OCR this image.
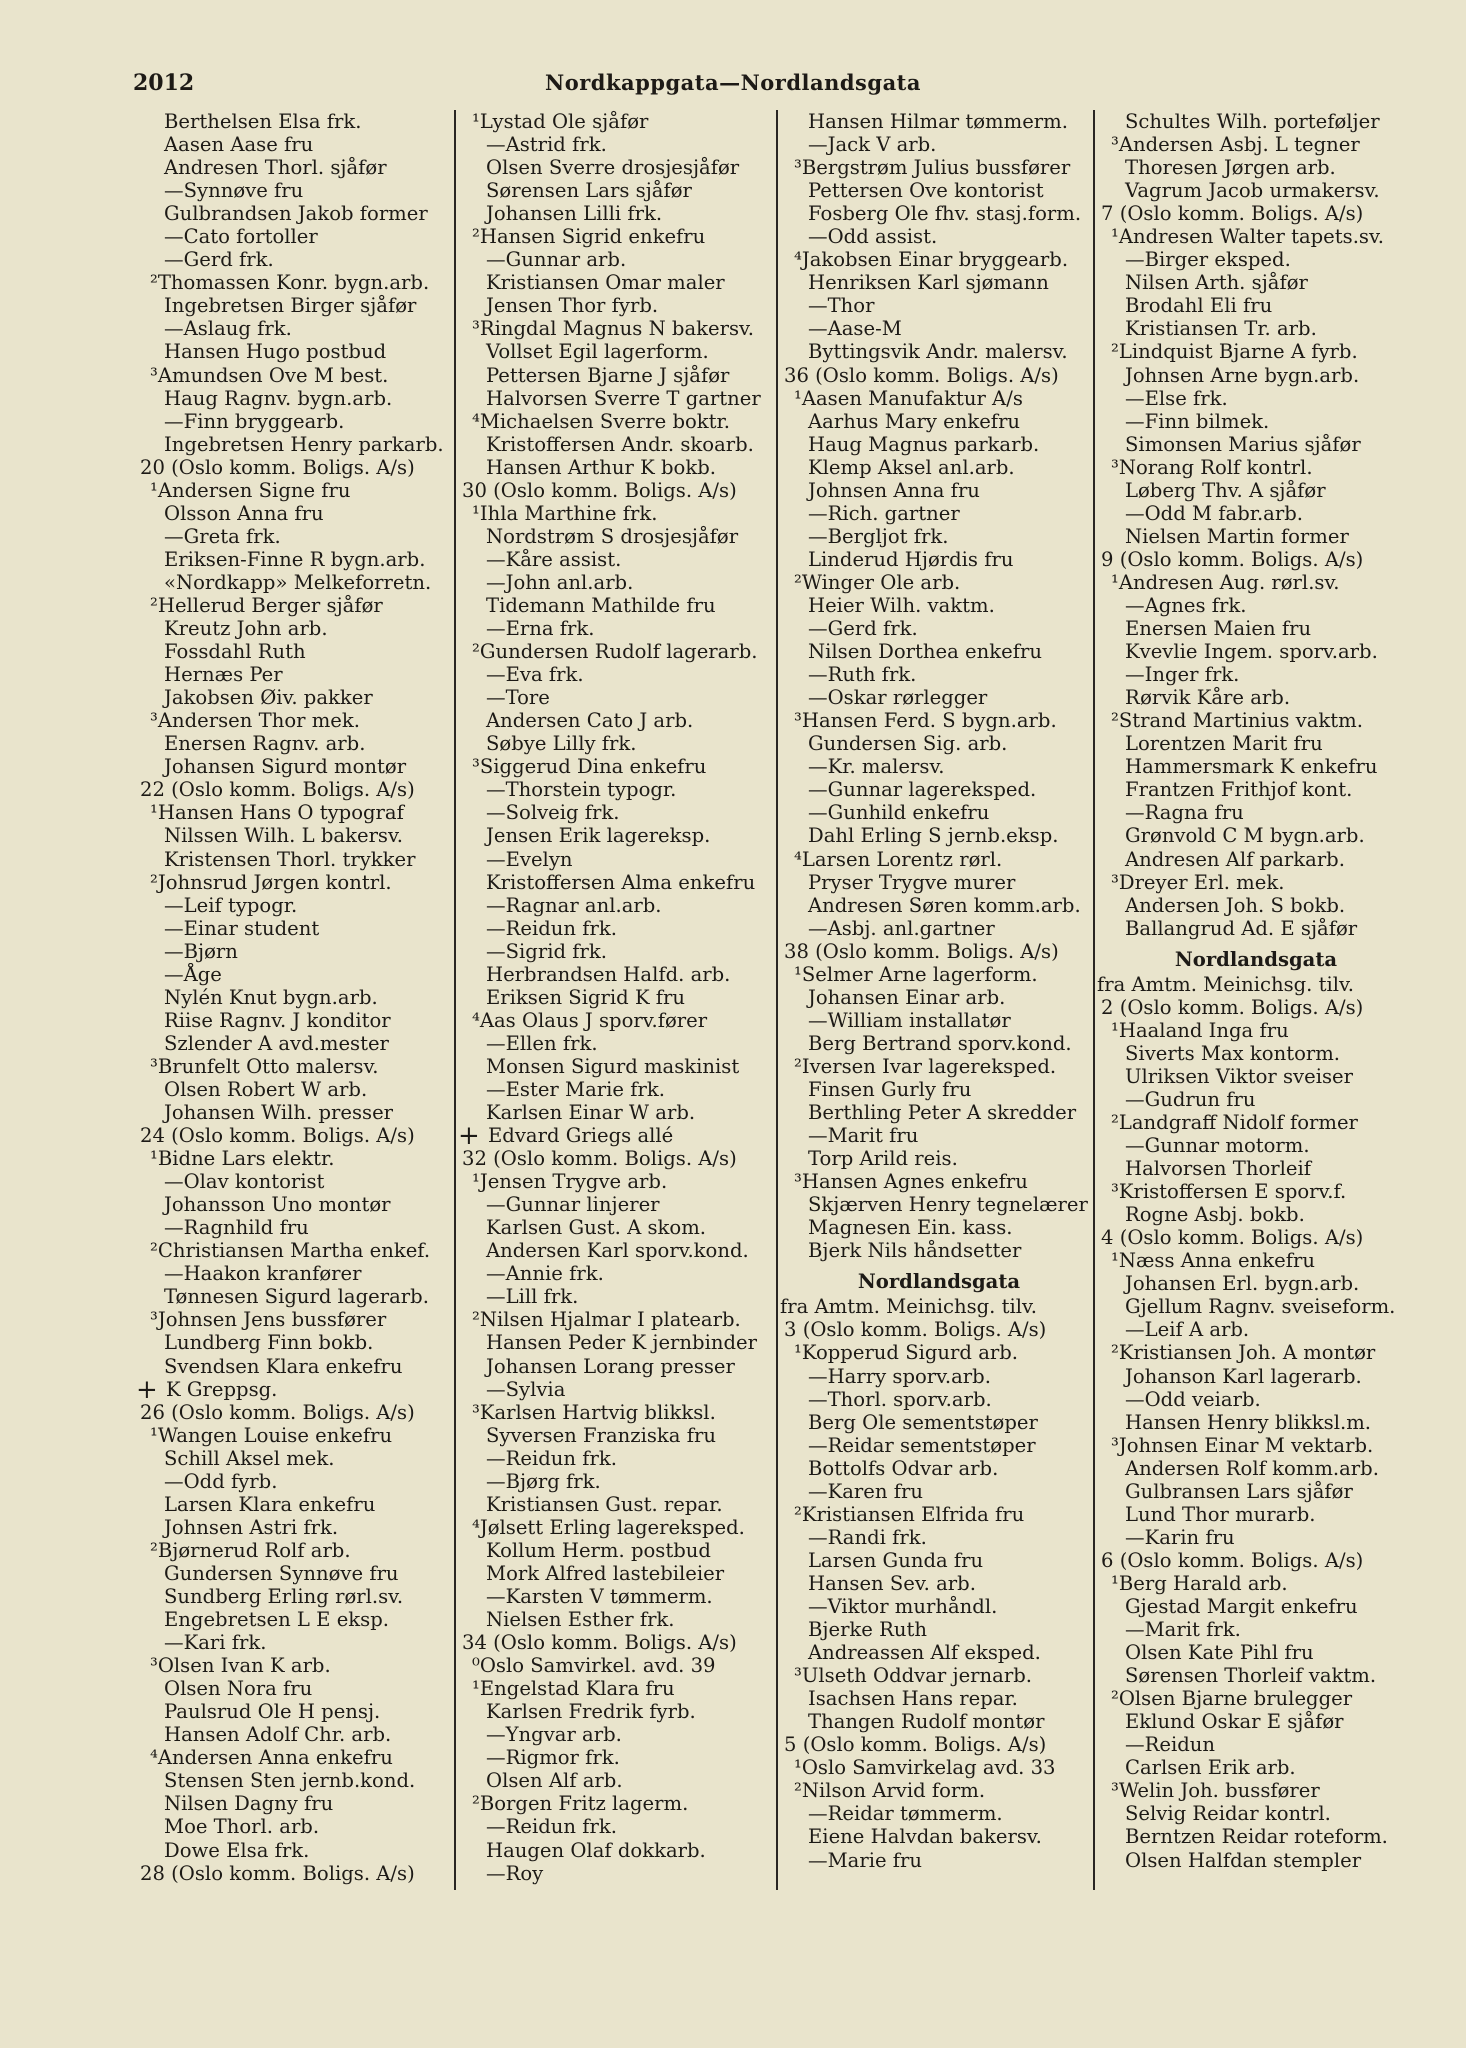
2012	Nordkappgata—Nordlandsgata
Berthelsen Elsa frk.
Aasen Aase fru
Andresen Thorl. sjåfør
—Synnøve fru
Gulbrandsen Jakob former
—Cato fortoller
—Gerd frk.
²Thomassen Konr. bygn.arb.
Ingebretsen Birger sjåfør
—Aslaug frk.
Hansen Hugo postbud
³Amundsen Ove M best.
Haug Ragnv. bygn.arb.
—Finn bryggearb.
Ingebretsen Henry parkarb.
20 (Oslo komm. Boligs. A/s)
¹Andersen Signe fru
Olsson Anna fru
—Greta frk.
Eriksen-Finne R bygn.arb.
«Nordkapp» Melkeforretn.
²Hellerud Berger sjåfør
Kreutz John arb.
Fossdahl Ruth
Hernæs Per
Jakobsen Øiv. pakker
³Andersen Thor mek.
Enersen Ragnv. arb.
Johansen Sigurd montør
22 (Oslo komm. Boligs. A/s)
¹Hansen Hans O typograf
Nilssen Wilh. L bakersv.
Kristensen Thorl. trykker
²Johnsrud Jørgen kontrl.
—Leif typogr.
—Einar student
—Bjørn
—Åge
Nylén Knut bygn.arb.
Riise Ragnv. J konditor
Szlender A avd.mester
³Brunfelt Otto malersv.
Olsen Robert W arb.
Johansen Wilh. presser
24 (Oslo komm. Boligs. A/s)
¹Bidne Lars elektr.
—Olav kontorist
Johansson Uno montør
—Ragnhild fru
²Christiansen Martha enkef.
—Haakon kranfører
Tønnesen Sigurd lagerarb.
³Johnsen Jens bussfører
Lundberg Finn bokb.
Svendsen Klara enkefru
+ K Greppsg.
26 (Oslo komm. Boligs. A/s)
¹Wangen Louise enkefru
Schill Aksel mek.
—Odd fyrb.
Larsen Klara enkefru
Johnsen Astri frk.
²Bjørnerud Rolf arb.
Gundersen Synnøve fru
Sundberg Erling rørl.sv.
Engebretsen L E eksp.
—Kari frk.
³Olsen Ivan K arb.
Olsen Nora fru
Paulsrud Ole H pensj.
Hansen Adolf Chr. arb.
⁴Andersen Anna enkefru
Stensen Sten jernb.kond.
Nilsen Dagny fru
Moe Thorl. arb.
Dowe Elsa frk.
28 (Oslo komm. Boligs. A/s)
¹Lystad Ole sjåfør
—Astrid frk.
Olsen Sverre drosjesjåfør
Sørensen Lars sjåfør
Johansen Lilli frk.
²Hansen Sigrid enkefru
—Gunnar arb.
Kristiansen Omar maler
Jensen Thor fyrb.
³Ringdal Magnus N bakersv.
Vollset Egil lagerform.
Pettersen Bjarne J sjåfør
Halvorsen Sverre T gartner
⁴Michaelsen Sverre boktr.
Kristoffersen Andr. skoarb.
Hansen Arthur K bokb.
30 (Oslo komm. Boligs. A/s)
¹Ihla Marthine frk.
Nordstrøm S drosjesjåfør
—Kåre assist.
—John anl.arb.
Tidemann Mathilde fru
—Erna frk.
²Gundersen Rudolf lagerarb.
—Eva frk.
—Tore
Andersen Cato J arb.
Søbye Lilly frk.
³Siggerud Dina enkefru
—Thorstein typogr.
—Solveig frk.
Jensen Erik lagereksp.
—Evelyn
Kristoffersen Alma enkefru
—Ragnar anl.arb.
—Reidun frk.
—Sigrid frk.
Herbrandsen Halfd. arb.
Eriksen Sigrid K fru
⁴Aas Olaus J sporv.fører
—Ellen frk.
Monsen Sigurd maskinist
—Ester Marie frk.
Karlsen Einar W arb.
+ Edvard Griegs allé
32 (Oslo komm. Boligs. A/s)
¹Jensen Trygve arb.
—Gunnar linjerer
Karlsen Gust. A skom.
Andersen Karl sporv.kond.
—Annie frk.
—Lill frk.
²Nilsen Hjalmar I platearb.
Hansen Peder K jernbinder
Johansen Lorang presser
—Sylvia
³Karlsen Hartvig blikksl.
Syversen Franziska fru
—Reidun frk.
—Bjørg frk.
Kristiansen Gust. repar.
⁴Jølsett Erling lagereksped.
Kollum Herm. postbud
Mork Alfred lastebileier
—Karsten V tømmerm.
Nielsen Esther frk.
34 (Oslo komm. Boligs. A/s)
⁰Oslo Samvirkel. avd. 39
¹Engelstad Klara fru
Karlsen Fredrik fyrb.
—Yngvar arb.
—Rigmor frk.
Olsen Alf arb.
²Borgen Fritz lagerm.
—Reidun frk.
Haugen Olaf dokkarb.
—Roy
Hansen Hilmar tømmerm.
—Jack V arb.
³Bergstrøm Julius bussfører
Pettersen Ove kontorist
Fosberg Ole fhv. stasj.form.
—Odd assist.
⁴Jakobsen Einar bryggearb.
Henriksen Karl sjømann
—Thor
—Aase-M
Byttingsvik Andr. malersv.
36 (Oslo komm. Boligs. A/s)
¹Aasen Manufaktur A/s
Aarhus Mary enkefru
Haug Magnus parkarb.
Klemp Aksel anl.arb.
Johnsen Anna fru
—Rich. gartner
—Bergljot frk.
Linderud Hjørdis fru
²Winger Ole arb.
Heier Wilh. vaktm.
—Gerd frk.
Nilsen Dorthea enkefru
—Ruth frk.
—Oskar rørlegger
³Hansen Ferd. S bygn.arb.
Gundersen Sig. arb.
—Kr. malersv.
—Gunnar lagereksped.
—Gunhild enkefru
Dahl Erling S jernb.eksp.
⁴Larsen Lorentz rørl.
Pryser Trygve murer
Andresen Søren komm.arb.
—Asbj. anl.gartner
38 (Oslo komm. Boligs. A/s)
¹Selmer Arne lagerform.
Johansen Einar arb.
—William installatør
Berg Bertrand sporv.kond.
²Iversen Ivar lagereksped.
Finsen Gurly fru
Berthling Peter A skredder
—Marit fru
Torp Arild reis.
³Hansen Agnes enkefru
Skjærven Henry tegnelærer
Magnesen Ein. kass.
Bjerk Nils håndsetter
Nordlandsgata
fra Amtm. Meinichsg. tilv.
3 (Oslo komm. Boligs. A/s)
¹Kopperud Sigurd arb.
—Harry sporv.arb.
—Thorl. sporv.arb.
Berg Ole sementstøper
—Reidar sementstøper
Bottolfs Odvar arb.
—Karen fru
²Kristiansen Elfrida fru
—Randi frk.
Larsen Gunda fru
Hansen Sev. arb.
—Viktor murhåndl.
Bjerke Ruth
Andreassen Alf eksped.
³Ulseth Oddvar jernarb.
Isachsen Hans repar.
Thangen Rudolf montør
5 (Oslo komm. Boligs. A/s)
¹Oslo Samvirkelag avd. 33
²Nilson Arvid form.
—Reidar tømmerm.
Eiene Halvdan bakersv.
—Marie fru
Schultes Wilh. porteføljer
³Andersen Asbj. L tegner
Thoresen Jørgen arb.
Vagrum Jacob urmakersv.
7 (Oslo komm. Boligs. A/s)
¹Andresen Walter tapets.sv.
—Birger eksped.
Nilsen Arth. sjåfør
Brodahl Eli fru
Kristiansen Tr. arb.
²Lindquist Bjarne A fyrb.
Johnsen Arne bygn.arb.
—Else frk.
—Finn bilmek.
Simonsen Marius sjåfør
³Norang Rolf kontrl.
Løberg Thv. A sjåfør
—Odd M fabr.arb.
Nielsen Martin former
9 (Oslo komm. Boligs. A/s)
¹Andresen Aug. rørl.sv.
—Agnes frk.
Enersen Maien fru
Kvevlie Ingem. sporv.arb.
—Inger frk.
Rørvik Kåre arb.
²Strand Martinius vaktm.
Lorentzen Marit fru
Hammersmark K enkefru
Frantzen Frithjof kont.
—Ragna fru
Grønvold C M bygn.arb.
Andresen Alf parkarb.
³Dreyer Erl. mek.
Andersen Joh. S bokb.
Ballangrud Ad. E sjåfør
Nordlandsgata
fra Amtm. Meinichsg. tilv.
2 (Oslo komm. Boligs. A/s)
¹Haaland Inga fru
Siverts Max kontorm.
Ulriksen Viktor sveiser
—Gudrun fru
²Landgraff Nidolf former
—Gunnar motorm.
Halvorsen Thorleif
³Kristoffersen E sporv.f.
Rogne Asbj. bokb.
4 (Oslo komm. Boligs. A/s)
¹Næss Anna enkefru
Johansen Erl. bygn.arb.
Gjellum Ragnv. sveiseform.
—Leif A arb.
²Kristiansen Joh. A montør
Johanson Karl lagerarb.
—Odd veiarb.
Hansen Henry blikksl.m.
³Johnsen Einar M vektarb.
Andersen Rolf komm.arb.
Gulbransen Lars sjåfør
Lund Thor murarb.
—Karin fru
6 (Oslo komm. Boligs. A/s)
¹Berg Harald arb.
Gjestad Margit enkefru
—Marit frk.
Olsen Kate Pihl fru
Sørensen Thorleif vaktm.
²Olsen Bjarne brulegger
Eklund Oskar E sjåfør
—Reidun
Carlsen Erik arb.
³Welin Joh. bussfører
Selvig Reidar kontrl.
Berntzen Reidar roteform.
Olsen Halfdan stempler
